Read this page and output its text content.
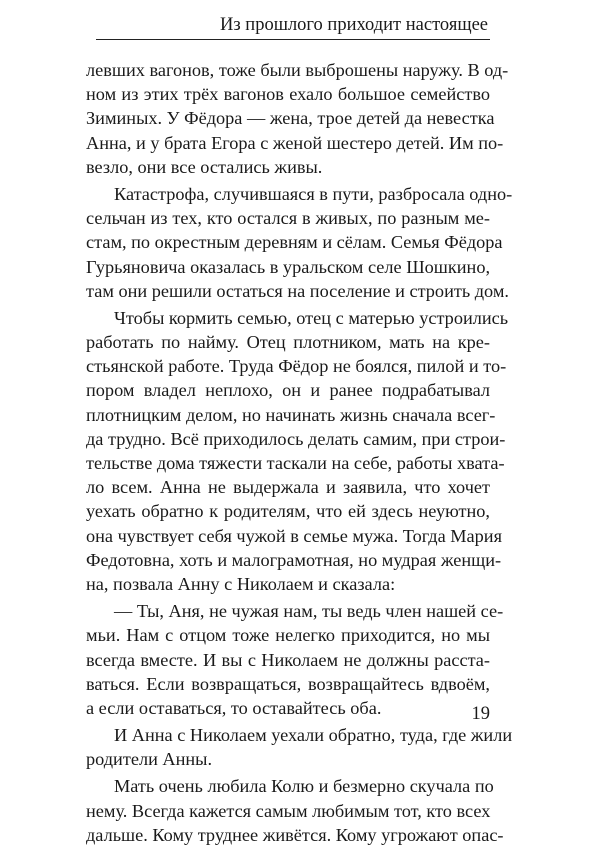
Из прошлого приходит настоящее
левших вагонов, тоже были выброшены наружу. В од-
ном из этих трёх вагонов ехало большое семейство
Зиминых. У Фёдора — жена, трое детей да невестка
Анна, и у брата Егора с женой шестеро детей. Им по-
везло, они все остались живы.
Катастрофа, случившаяся в пути, разбросала одно-
сельчан из тех, кто остался в живых, по разным ме-
стам, по окрестным деревням и сёлам. Семья Фёдора
Гурьяновича оказалась в уральском селе Шошкино,
там они решили остаться на поселение и строить дом.
Чтобы кормить семью, отец с матерью устроились
работать по найму. Отец плотником, мать на кре-
стьянской работе. Труда Фёдор не боялся, пилой и то-
пором владел неплохо, он и ранее подрабатывал
плотницким делом, но начинать жизнь сначала всег-
да трудно. Всё приходилось делать самим, при строи-
тельстве дома тяжести таскали на себе, работы хвата-
ло всем. Анна не выдержала и заявила, что хочет
уехать обратно к родителям, что ей здесь неуютно,
она чувствует себя чужой в семье мужа. Тогда Мария
Федотовна, хоть и малограмотная, но мудрая женщи-
на, позвала Анну с Николаем и сказала:
— Ты, Аня, не чужая нам, ты ведь член нашей се-
мьи. Нам с отцом тоже нелегко приходится, но мы
всегда вместе. И вы с Николаем не должны расста-
ваться. Если возвращаться, возвращайтесь вдвоём,
а если оставаться, то оставайтесь оба.
И Анна с Николаем уехали обратно, туда, где жили
родители Анны.
Мать очень любила Колю и безмерно скучала по
нему. Всегда кажется самым любимым тот, кто всех
дальше. Кому труднее живётся. Кому угрожают опас-
19
